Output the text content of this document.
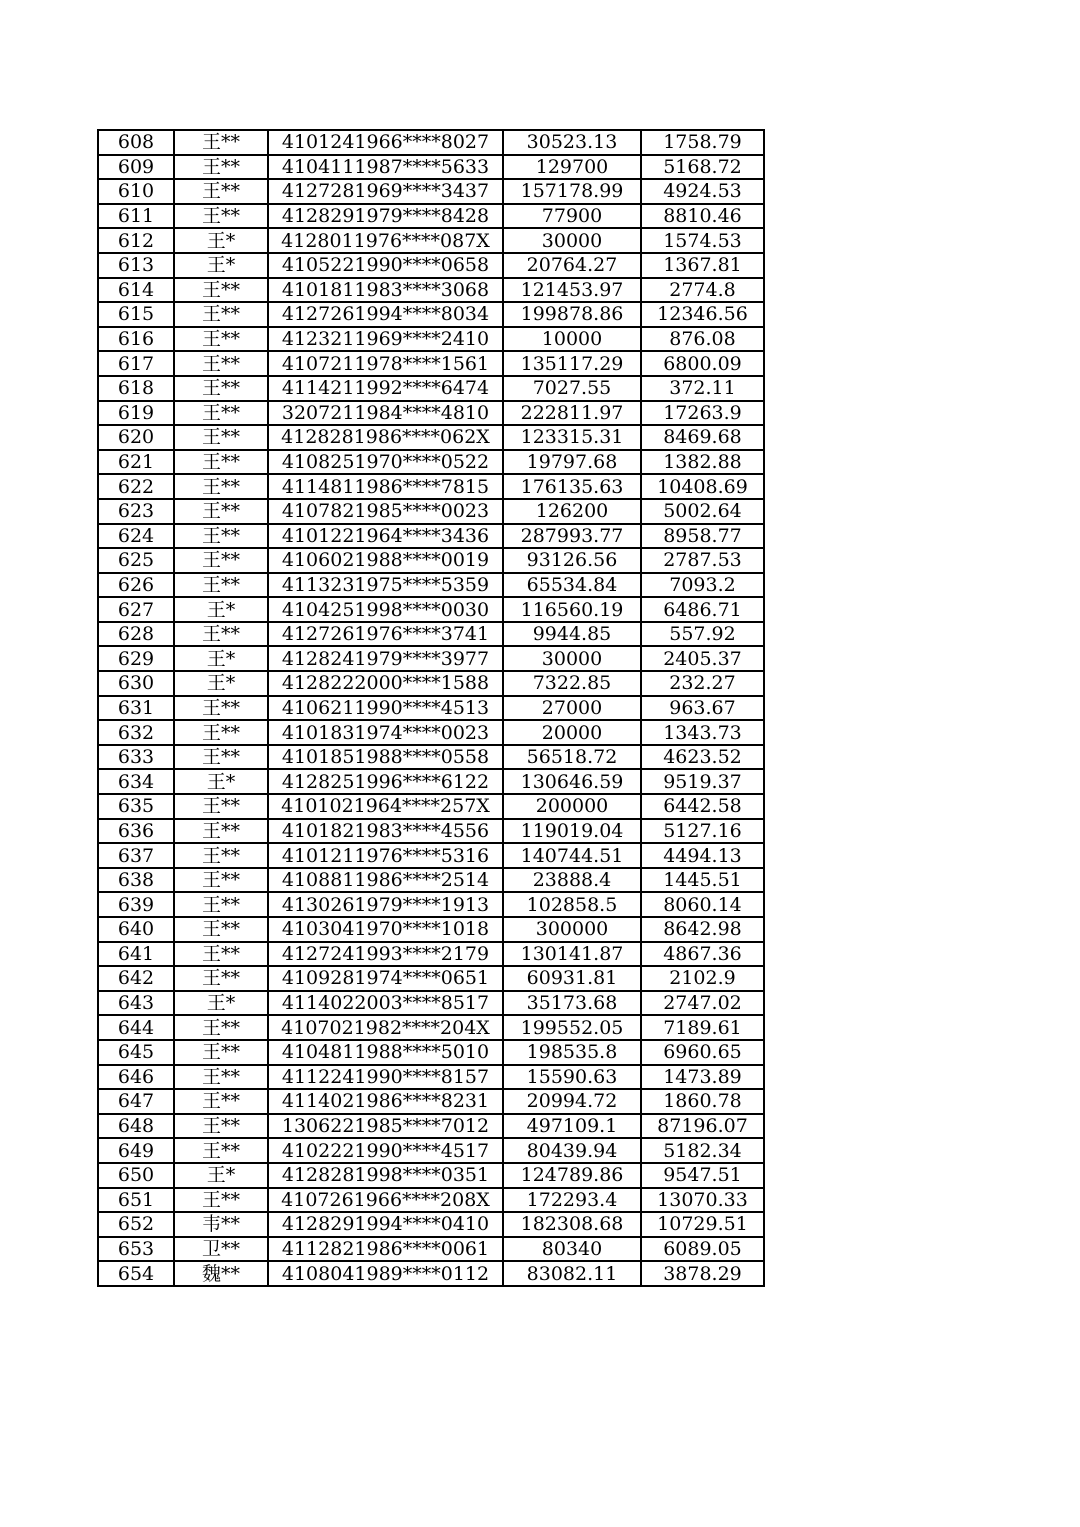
608	王**	4101241966****8027	30523.13	1758.79
609	王**	4104111987****5633	129700	5168.72
610	王**	4127281969****3437	157178.99	4924.53
611	王**	4128291979****8428	77900	8810.46
612	王*	4128011976****087X	30000	1574.53
613	王*	4105221990****0658	20764.27	1367.81
614	王**	4101811983****3068	121453.97	2774.8
615	王**	4127261994****8034	199878.86	12346.56
616	王**	4123211969****2410	10000	876.08
617	王**	4107211978****1561	135117.29	6800.09
618	王**	4114211992****6474	7027.55	372.11
619	王**	3207211984****4810	222811.97	17263.9
620	王**	4128281986****062X	123315.31	8469.68
621	王**	4108251970****0522	19797.68	1382.88
622	王**	4114811986****7815	176135.63	10408.69
623	王**	4107821985****0023	126200	5002.64
624	王**	4101221964****3436	287993.77	8958.77
625	王**	4106021988****0019	93126.56	2787.53
626	王**	4113231975****5359	65534.84	7093.2
627	王*	4104251998****0030	116560.19	6486.71
628	王**	4127261976****3741	9944.85	557.92
629	王*	4128241979****3977	30000	2405.37
630	王*	4128222000****1588	7322.85	232.27
631	王**	4106211990****4513	27000	963.67
632	王**	4101831974****0023	20000	1343.73
633	王**	4101851988****0558	56518.72	4623.52
634	王*	4128251996****6122	130646.59	9519.37
635	王**	4101021964****257X	200000	6442.58
636	王**	4101821983****4556	119019.04	5127.16
637	王**	4101211976****5316	140744.51	4494.13
638	王**	4108811986****2514	23888.4	1445.51
639	王**	4130261979****1913	102858.5	8060.14
640	王**	4103041970****1018	300000	8642.98
641	王**	4127241993****2179	130141.87	4867.36
642	王**	4109281974****0651	60931.81	2102.9
643	王*	4114022003****8517	35173.68	2747.02
644	王**	4107021982****204X	199552.05	7189.61
645	王**	4104811988****5010	198535.8	6960.65
646	王**	4112241990****8157	15590.63	1473.89
647	王**	4114021986****8231	20994.72	1860.78
648	王**	1306221985****7012	497109.1	87196.07
649	王**	4102221990****4517	80439.94	5182.34
650	王*	4128281998****0351	124789.86	9547.51
651	王**	4107261966****208X	172293.4	13070.33
652	韦**	4128291994****0410	182308.68	10729.51
653	卫**	4112821986****0061	80340	6089.05
654	魏**	4108041989****0112	83082.11	3878.29
